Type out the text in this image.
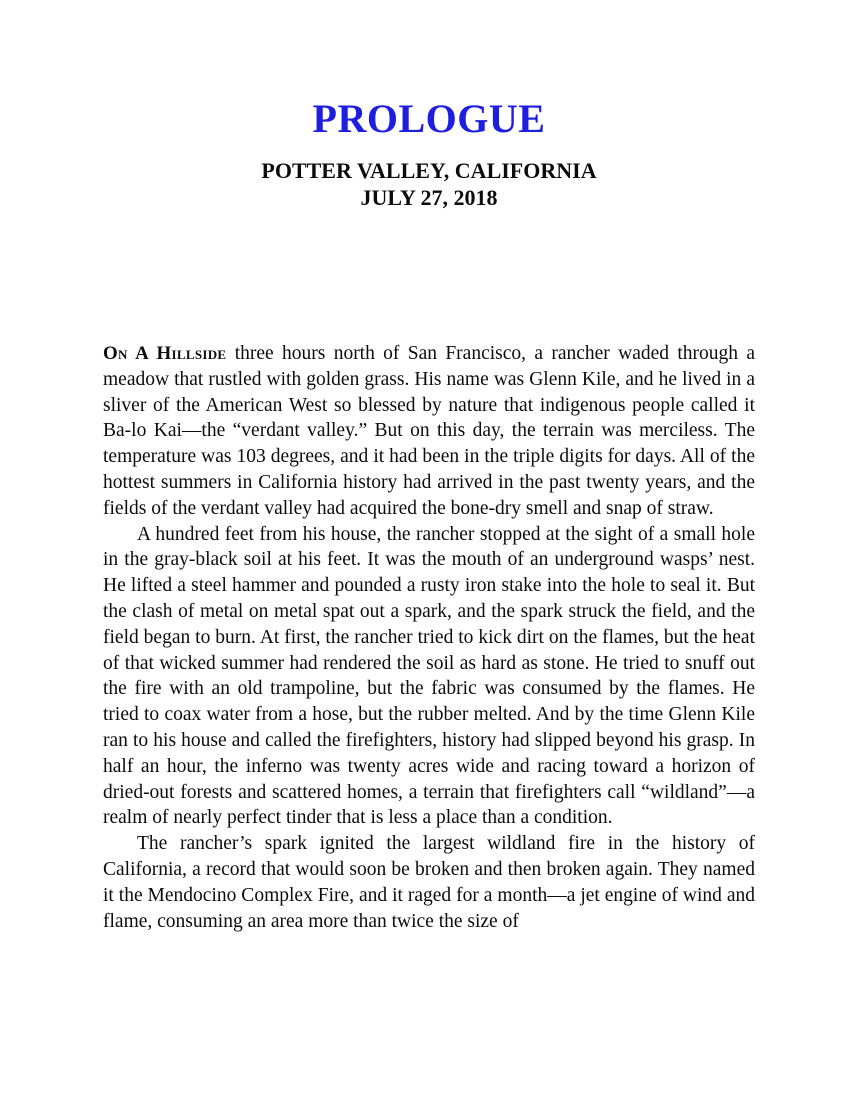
PROLOGUE
POTTER VALLEY, CALIFORNIA
JULY 27, 2018

On A Hillside three hours north of San Francisco, a rancher waded through a meadow that rustled with golden grass. His name was Glenn Kile, and he lived in a sliver of the American West so blessed by nature that indigenous people called it Ba-lo Kai—the “verdant valley.” But on this day, the terrain was merciless. The temperature was 103 degrees, and it had been in the triple digits for days. All of the hottest summers in California history had arrived in the past twenty years, and the fields of the verdant valley had acquired the bone-dry smell and snap of straw.

A hundred feet from his house, the rancher stopped at the sight of a small hole in the gray-black soil at his feet. It was the mouth of an underground wasps’ nest. He lifted a steel hammer and pounded a rusty iron stake into the hole to seal it. But the clash of metal on metal spat out a spark, and the spark struck the field, and the field began to burn. At first, the rancher tried to kick dirt on the flames, but the heat of that wicked summer had rendered the soil as hard as stone. He tried to snuff out the fire with an old trampoline, but the fabric was consumed by the flames. He tried to coax water from a hose, but the rubber melted. And by the time Glenn Kile ran to his house and called the firefighters, history had slipped beyond his grasp. In half an hour, the inferno was twenty acres wide and racing toward a horizon of dried-out forests and scattered homes, a terrain that firefighters call “wildland”—a realm of nearly perfect tinder that is less a place than a condition.

The rancher’s spark ignited the largest wildland fire in the history of California, a record that would soon be broken and then broken again. They named it the Mendocino Complex Fire, and it raged for a month—a jet engine of wind and flame, consuming an area more than twice the size of
